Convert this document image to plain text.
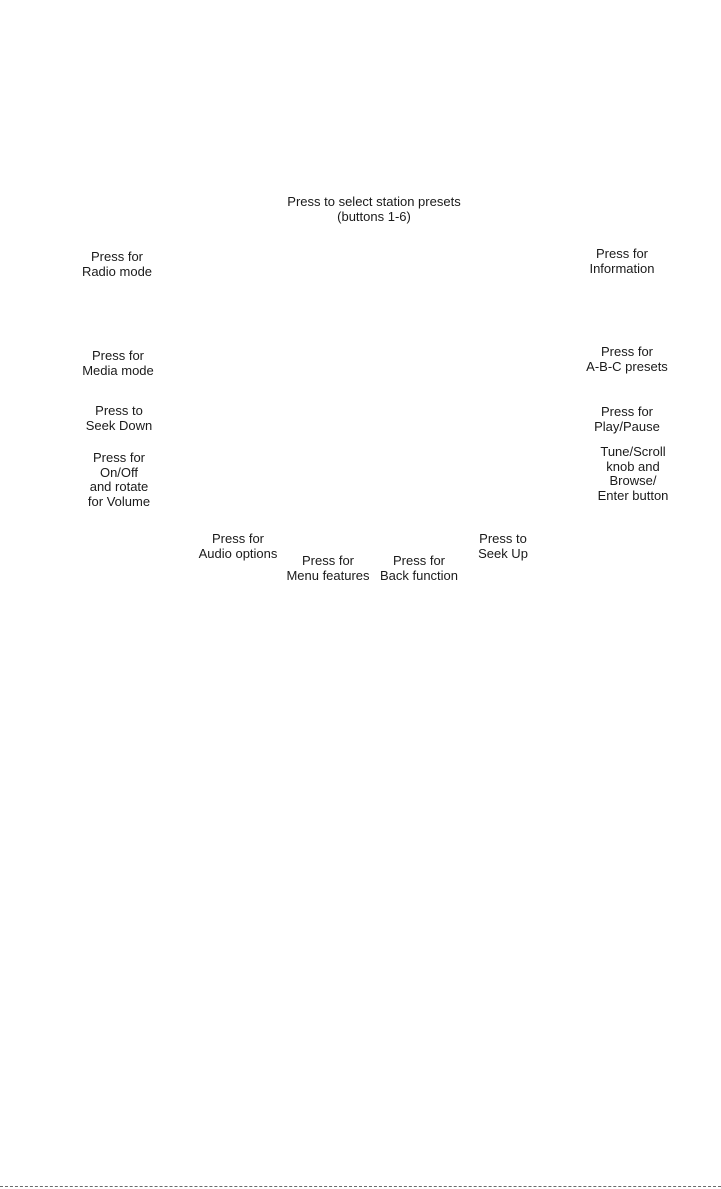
Press to select station presets
(buttons 1-6)
Press for
Radio mode
Press for
Media mode
Press to
Seek Down
Press for
On/Off
and rotate
for Volume
Press for
Information
Press for
A-B-C presets
Press for
Play/Pause
Tune/Scroll
knob and
Browse/
Enter button
Press for
Audio options	Press for
Menu features
Press for
Back function
Press to
Seek Up
